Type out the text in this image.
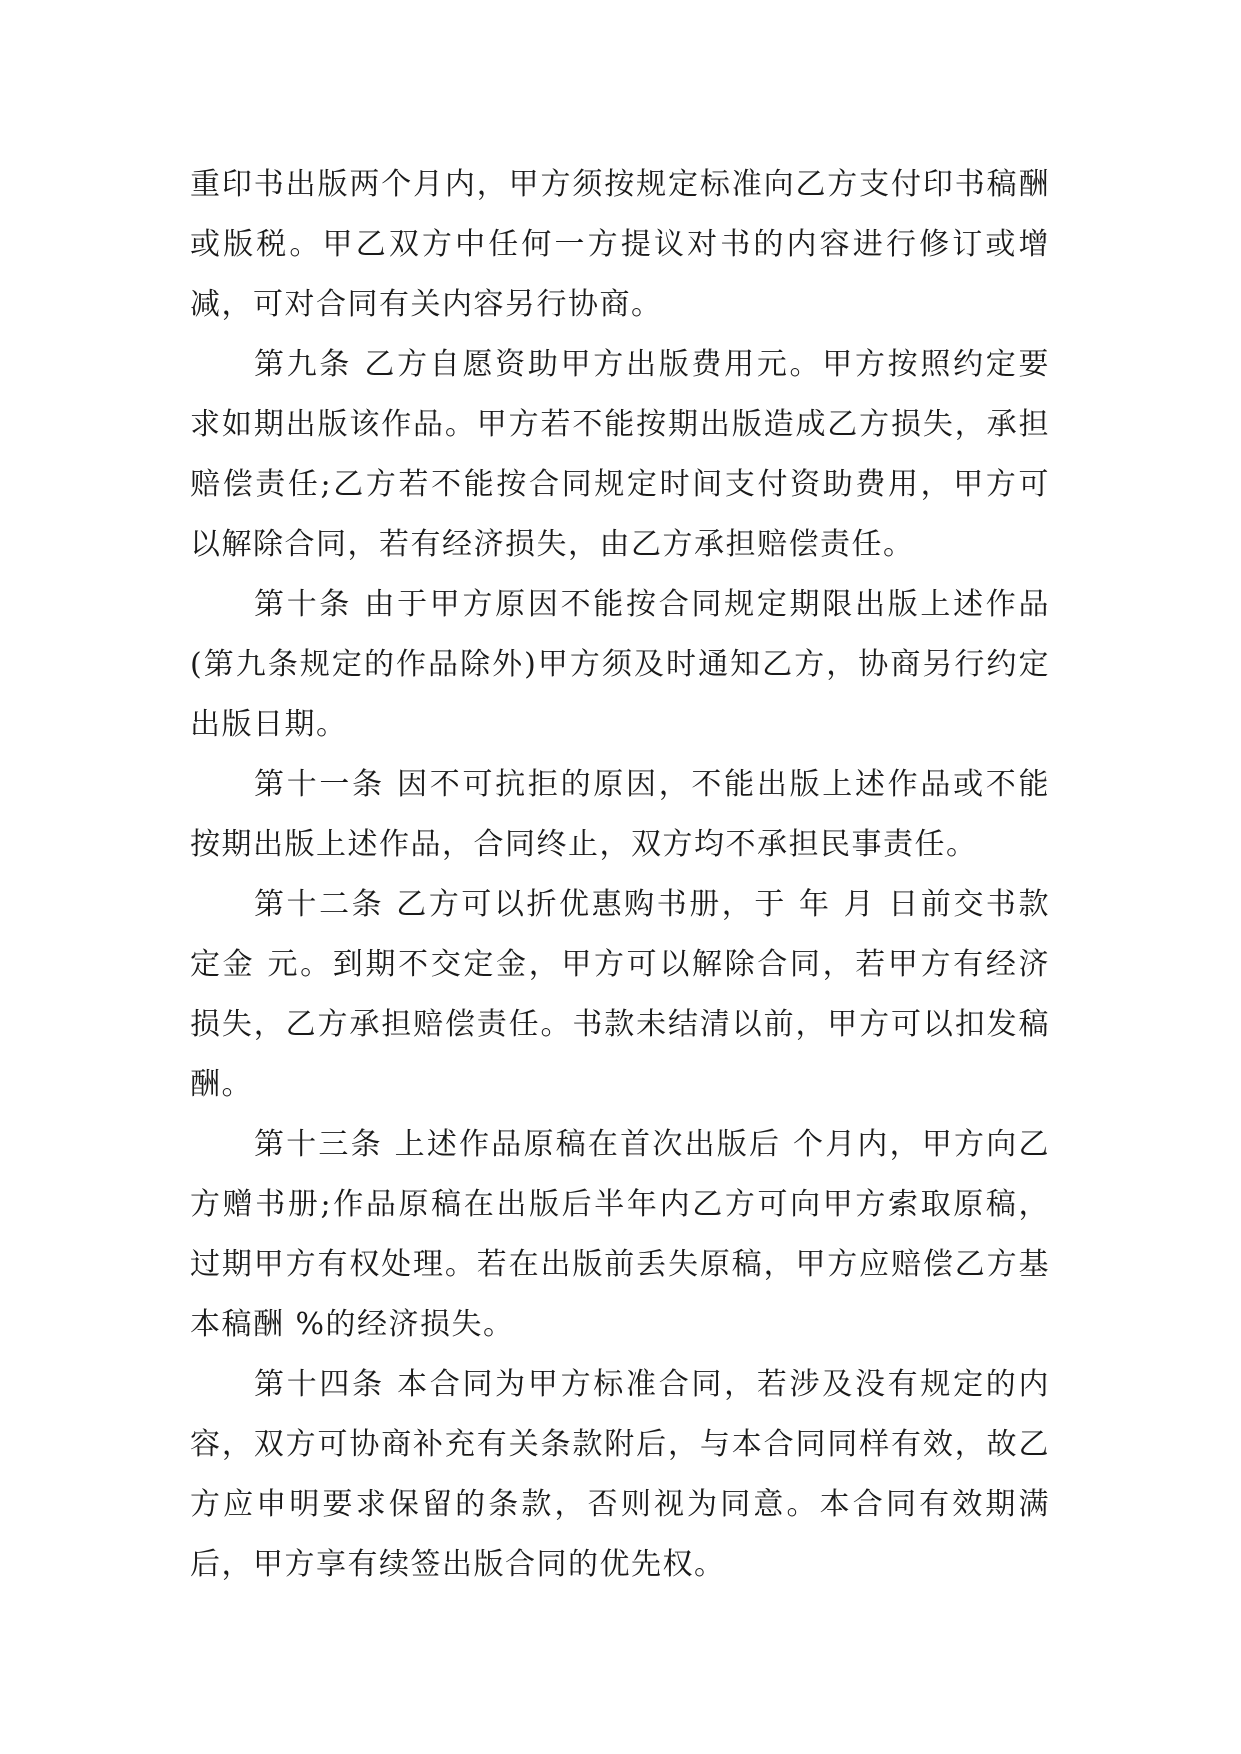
重印书出版两个月内，甲方须按规定标准向乙方支付印书稿酬或版税。甲乙双方中任何一方提议对书的内容进行修订或增减，可对合同有关内容另行协商。

第九条 乙方自愿资助甲方出版费用元。甲方按照约定要求如期出版该作品。甲方若不能按期出版造成乙方损失，承担赔偿责任;乙方若不能按合同规定时间支付资助费用，甲方可以解除合同，若有经济损失，由乙方承担赔偿责任。

第十条 由于甲方原因不能按合同规定期限出版上述作品(第九条规定的作品除外)甲方须及时通知乙方，协商另行约定出版日期。

第十一条 因不可抗拒的原因，不能出版上述作品或不能按期出版上述作品，合同终止，双方均不承担民事责任。

第十二条 乙方可以折优惠购书册，于 年 月 日前交书款定金 元。到期不交定金，甲方可以解除合同，若甲方有经济损失，乙方承担赔偿责任。书款未结清以前，甲方可以扣发稿酬。

第十三条 上述作品原稿在首次出版后 个月内，甲方向乙方赠书册;作品原稿在出版后半年内乙方可向甲方索取原稿，过期甲方有权处理。若在出版前丢失原稿，甲方应赔偿乙方基本稿酬 %的经济损失。

第十四条 本合同为甲方标准合同，若涉及没有规定的内容，双方可协商补充有关条款附后，与本合同同样有效，故乙方应申明要求保留的条款，否则视为同意。本合同有效期满后，甲方享有续签出版合同的优先权。
